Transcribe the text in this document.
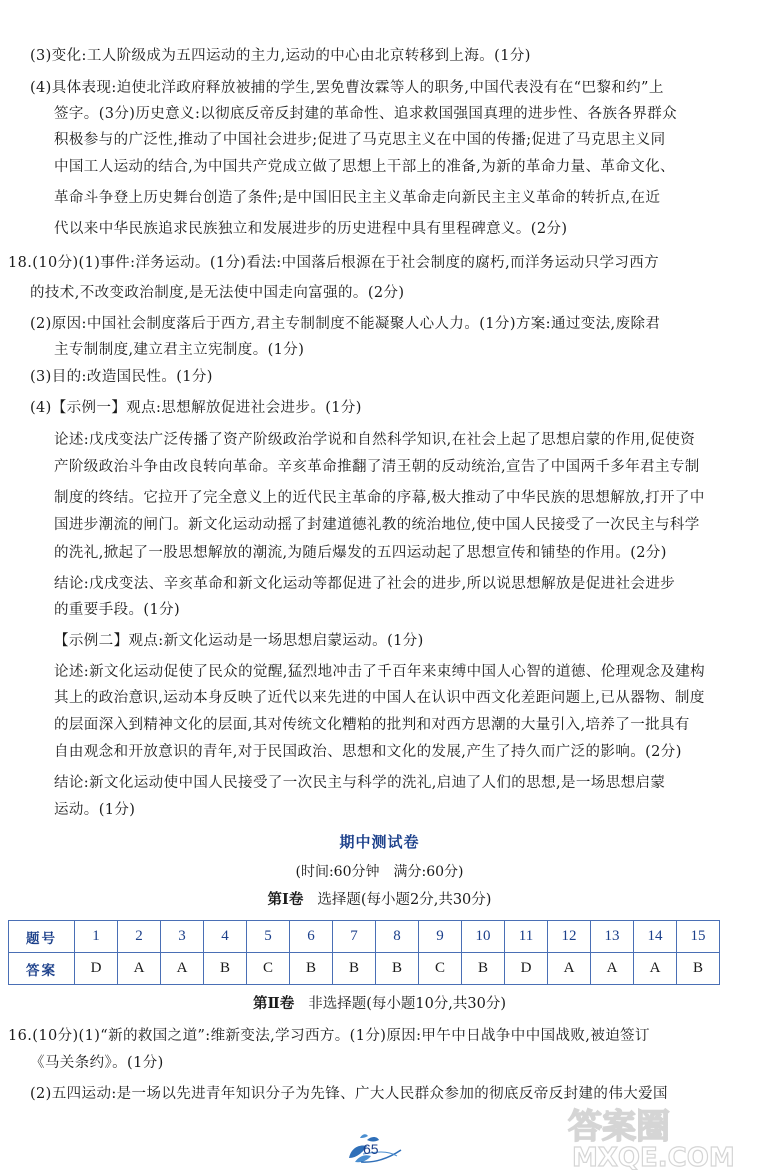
(3)变化:工人阶级成为五四运动的主力,运动的中心由北京转移到上海。(1分)
(4)具体表现:迫使北洋政府释放被捕的学生,罢免曹汝霖等人的职务,中国代表没有在“巴黎和约”上
签字。(3分)历史意义:以彻底反帝反封建的革命性、追求救国强国真理的进步性、各族各界群众
积极参与的广泛性,推动了中国社会进步;促进了马克思主义在中国的传播;促进了马克思主义同
中国工人运动的结合,为中国共产党成立做了思想上干部上的准备,为新的革命力量、革命文化、
革命斗争登上历史舞台创造了条件;是中国旧民主主义革命走向新民主主义革命的转折点,在近
代以来中华民族追求民族独立和发展进步的历史进程中具有里程碑意义。(2分)
18.(10分)(1)事件:洋务运动。(1分)看法:中国落后根源在于社会制度的腐朽,而洋务运动只学习西方
的技术,不改变政治制度,是无法使中国走向富强的。(2分)
(2)原因:中国社会制度落后于西方,君主专制制度不能凝聚人心人力。(1分)方案:通过变法,废除君
主专制制度,建立君主立宪制度。(1分)
(3)目的:改造国民性。(1分)
(4)【示例一】观点:思想解放促进社会进步。(1分)
论述:戊戌变法广泛传播了资产阶级政治学说和自然科学知识,在社会上起了思想启蒙的作用,促使资
产阶级政治斗争由改良转向革命。辛亥革命推翻了清王朝的反动统治,宣告了中国两千多年君主专制
制度的终结。它拉开了完全意义上的近代民主革命的序幕,极大推动了中华民族的思想解放,打开了中
国进步潮流的闸门。新文化运动动摇了封建道德礼教的统治地位,使中国人民接受了一次民主与科学
的洗礼,掀起了一股思想解放的潮流,为随后爆发的五四运动起了思想宣传和铺垫的作用。(2分)
结论:戊戌变法、辛亥革命和新文化运动等都促进了社会的进步,所以说思想解放是促进社会进步
的重要手段。(1分)
【示例二】观点:新文化运动是一场思想启蒙运动。(1分)
论述:新文化运动促使了民众的觉醒,猛烈地冲击了千百年来束缚中国人心智的道德、伦理观念及建构
其上的政治意识,运动本身反映了近代以来先进的中国人在认识中西文化差距问题上,已从器物、制度
的层面深入到精神文化的层面,其对传统文化糟粕的批判和对西方思潮的大量引入,培养了一批具有
自由观念和开放意识的青年,对于民国政治、思想和文化的发展,产生了持久而广泛的影响。(2分)
结论:新文化运动使中国人民接受了一次民主与科学的洗礼,启迪了人们的思想,是一场思想启蒙
运动。(1分)
期中测试卷
(时间:60分钟　满分:60分)
第Ⅰ卷 选择题(每小题2分,共30分)
题号	1	2	3	4	5	6	7	8	9	10	11	12	13	14	15
答案	D	A	A	B	C	B	B	B	C	B	D	A	A	A	B
第Ⅱ卷 非选择题(每小题10分,共30分)
16.(10分)(1)“新的救国之道”:维新变法,学习西方。(1分)原因:甲午中日战争中中国战败,被迫签订
《马关条约》。(1分)
(2)五四运动:是一场以先进青年知识分子为先锋、广大人民群众参加的彻底反帝反封建的伟大爱国
答案圈
MXQE.COM
65
